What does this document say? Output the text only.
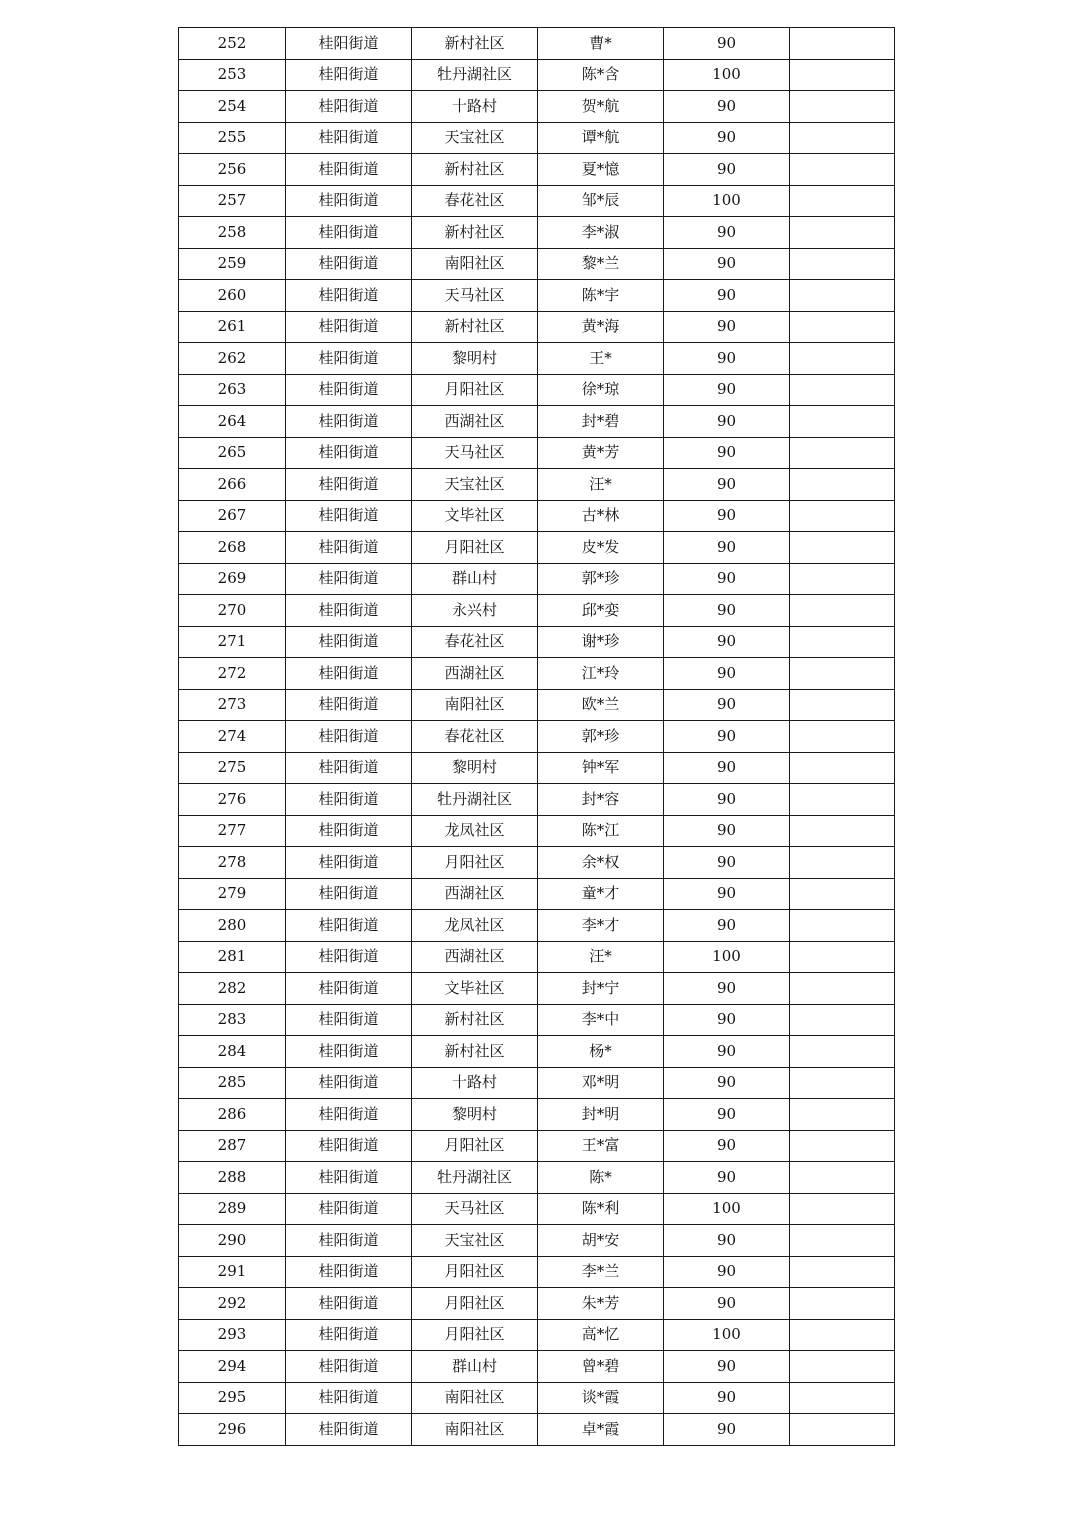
252	桂阳街道	新村社区	曹*	90	
253	桂阳街道	牡丹湖社区	陈*含	100	
254	桂阳街道	十路村	贺*航	90	
255	桂阳街道	天宝社区	谭*航	90	
256	桂阳街道	新村社区	夏*憶	90	
257	桂阳街道	春花社区	邹*辰	100	
258	桂阳街道	新村社区	李*淑	90	
259	桂阳街道	南阳社区	黎*兰	90	
260	桂阳街道	天马社区	陈*宇	90	
261	桂阳街道	新村社区	黄*海	90	
262	桂阳街道	黎明村	王*	90	
263	桂阳街道	月阳社区	徐*琼	90	
264	桂阳街道	西湖社区	封*碧	90	
265	桂阳街道	天马社区	黄*芳	90	
266	桂阳街道	天宝社区	汪*	90	
267	桂阳街道	文毕社区	古*林	90	
268	桂阳街道	月阳社区	皮*发	90	
269	桂阳街道	群山村	郭*珍	90	
270	桂阳街道	永兴村	邱*娈	90	
271	桂阳街道	春花社区	谢*珍	90	
272	桂阳街道	西湖社区	江*玲	90	
273	桂阳街道	南阳社区	欧*兰	90	
274	桂阳街道	春花社区	郭*珍	90	
275	桂阳街道	黎明村	钟*军	90	
276	桂阳街道	牡丹湖社区	封*容	90	
277	桂阳街道	龙凤社区	陈*江	90	
278	桂阳街道	月阳社区	余*权	90	
279	桂阳街道	西湖社区	童*才	90	
280	桂阳街道	龙凤社区	李*才	90	
281	桂阳街道	西湖社区	汪*	100	
282	桂阳街道	文毕社区	封*宁	90	
283	桂阳街道	新村社区	李*中	90	
284	桂阳街道	新村社区	杨*	90	
285	桂阳街道	十路村	邓*明	90	
286	桂阳街道	黎明村	封*明	90	
287	桂阳街道	月阳社区	王*富	90	
288	桂阳街道	牡丹湖社区	陈*	90	
289	桂阳街道	天马社区	陈*利	100	
290	桂阳街道	天宝社区	胡*安	90	
291	桂阳街道	月阳社区	李*兰	90	
292	桂阳街道	月阳社区	朱*芳	90	
293	桂阳街道	月阳社区	高*忆	100	
294	桂阳街道	群山村	曾*碧	90	
295	桂阳街道	南阳社区	谈*霞	90	
296	桂阳街道	南阳社区	卓*霞	90	
